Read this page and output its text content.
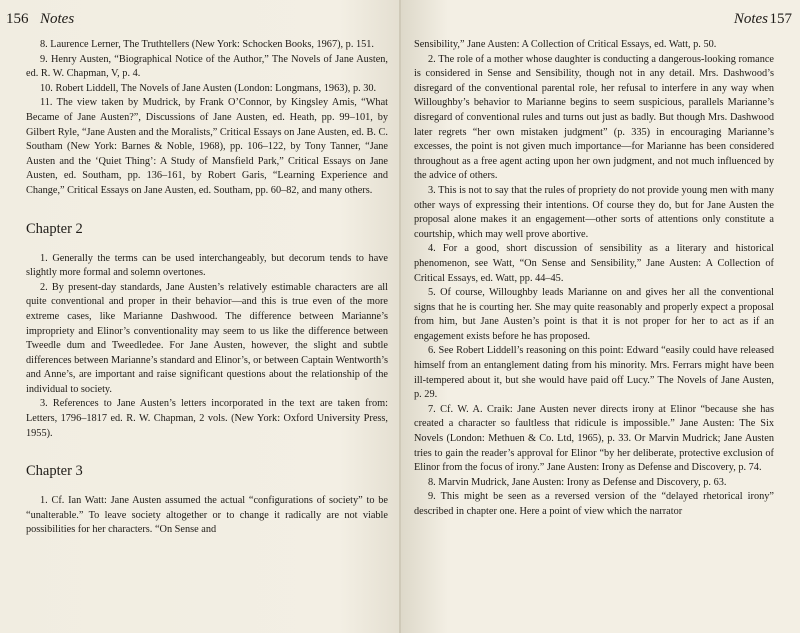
156 Notes

8. Laurence Lerner, The Truthtellers (New York: Schocken Books, 1967), p. 151.

9. Henry Austen, “Biographical Notice of the Author,” The Novels of Jane Austen, ed. R. W. Chapman, V, p. 4.

10. Robert Liddell, The Novels of Jane Austen (London: Longmans, 1963), p. 30.

11. The view taken by Mudrick, by Frank O’Connor, by Kingsley Amis, “What Became of Jane Austen?”, Discussions of Jane Austen, ed. Heath, pp. 99–101, by Gilbert Ryle, “Jane Austen and the Moralists,” Critical Essays on Jane Austen, ed. B. C. Southam (New York: Barnes & Noble, 1968), pp. 106–122, by Tony Tanner, “Jane Austen and the ‘Quiet Thing’: A Study of Mansfield Park,” Critical Essays on Jane Austen, ed. Southam, pp. 136–161, by Robert Garis, “Learning Experience and Change,” Critical Essays on Jane Austen, ed. Southam, pp. 60–82, and many others.

Chapter 2

1. Generally the terms can be used interchangeably, but decorum tends to have slightly more formal and solemn overtones.

2. By present-day standards, Jane Austen’s relatively estimable characters are all quite conventional and proper in their behavior—and this is true even of the more extreme cases, like Marianne Dashwood. The difference between Marianne’s impropriety and Elinor’s conventionality may seem to us like the difference between Tweedle dum and Tweedledee. For Jane Austen, however, the slight and subtle differences between Marianne’s standard and Elinor’s, or between Captain Wentworth’s and Anne’s, are important and raise significant questions about the relationship of the individual to society.

3. References to Jane Austen’s letters incorporated in the text are taken from: Letters, 1796–1817 ed. R. W. Chapman, 2 vols. (New York: Oxford University Press, 1955).

Chapter 3

1. Cf. Ian Watt: Jane Austen assumed the actual “configurations of society” to be “unalterable.” To leave society altogether or to change it radically are not viable possibilities for her characters. “On Sense and

Notes 157

Sensibility,” Jane Austen: A Collection of Critical Essays, ed. Watt, p. 50.

2. The role of a mother whose daughter is conducting a dangerous-looking romance is considered in Sense and Sensibility, though not in any detail. Mrs. Dashwood’s disregard of the conventional parental role, her refusal to interfere in any way when Willoughby’s behavior to Marianne begins to seem suspicious, parallels Marianne’s disregard of conventional rules and turns out just as badly. But though Mrs. Dashwood later regrets “her own mistaken judgment” (p. 335) in encouraging Marianne’s excesses, the point is not given much importance—for Marianne has been considered throughout as a free agent acting upon her own judgment, and not much influenced by the advice of others.

3. This is not to say that the rules of propriety do not provide young men with many other ways of expressing their intentions. Of course they do, but for Jane Austen the proposal alone makes it an engagement—other sorts of attentions only constitute a courtship, which may well prove abortive.

4. For a good, short discussion of sensibility as a literary and historical phenomenon, see Watt, “On Sense and Sensibility,” Jane Austen: A Collection of Critical Essays, ed. Watt, pp. 44–45.

5. Of course, Willoughby leads Marianne on and gives her all the conventional signs that he is courting her. She may quite reasonably and properly expect a proposal from him, but Jane Austen’s point is that it is not proper for her to act as if an engagement exists before he has proposed.

6. See Robert Liddell’s reasoning on this point: Edward “easily could have released himself from an entanglement dating from his minority. Mrs. Ferrars might have been ill-tempered about it, but she would have paid off Lucy.” The Novels of Jane Austen, p. 29.

7. Cf. W. A. Craik: Jane Austen never directs irony at Elinor “because she has created a character so faultless that ridicule is impossible.” Jane Austen: The Six Novels (London: Methuen & Co. Ltd, 1965), p. 33. Or Marvin Mudrick; Jane Austen tries to gain the reader’s approval for Elinor “by her deliberate, protective exclusion of Elinor from the focus of irony.” Jane Austen: Irony as Defense and Discovery, p. 74.

8. Marvin Mudrick, Jane Austen: Irony as Defense and Discovery, p. 63.

9. This might be seen as a reversed version of the “delayed rhetorical irony” described in chapter one. Here a point of view which the narrator
